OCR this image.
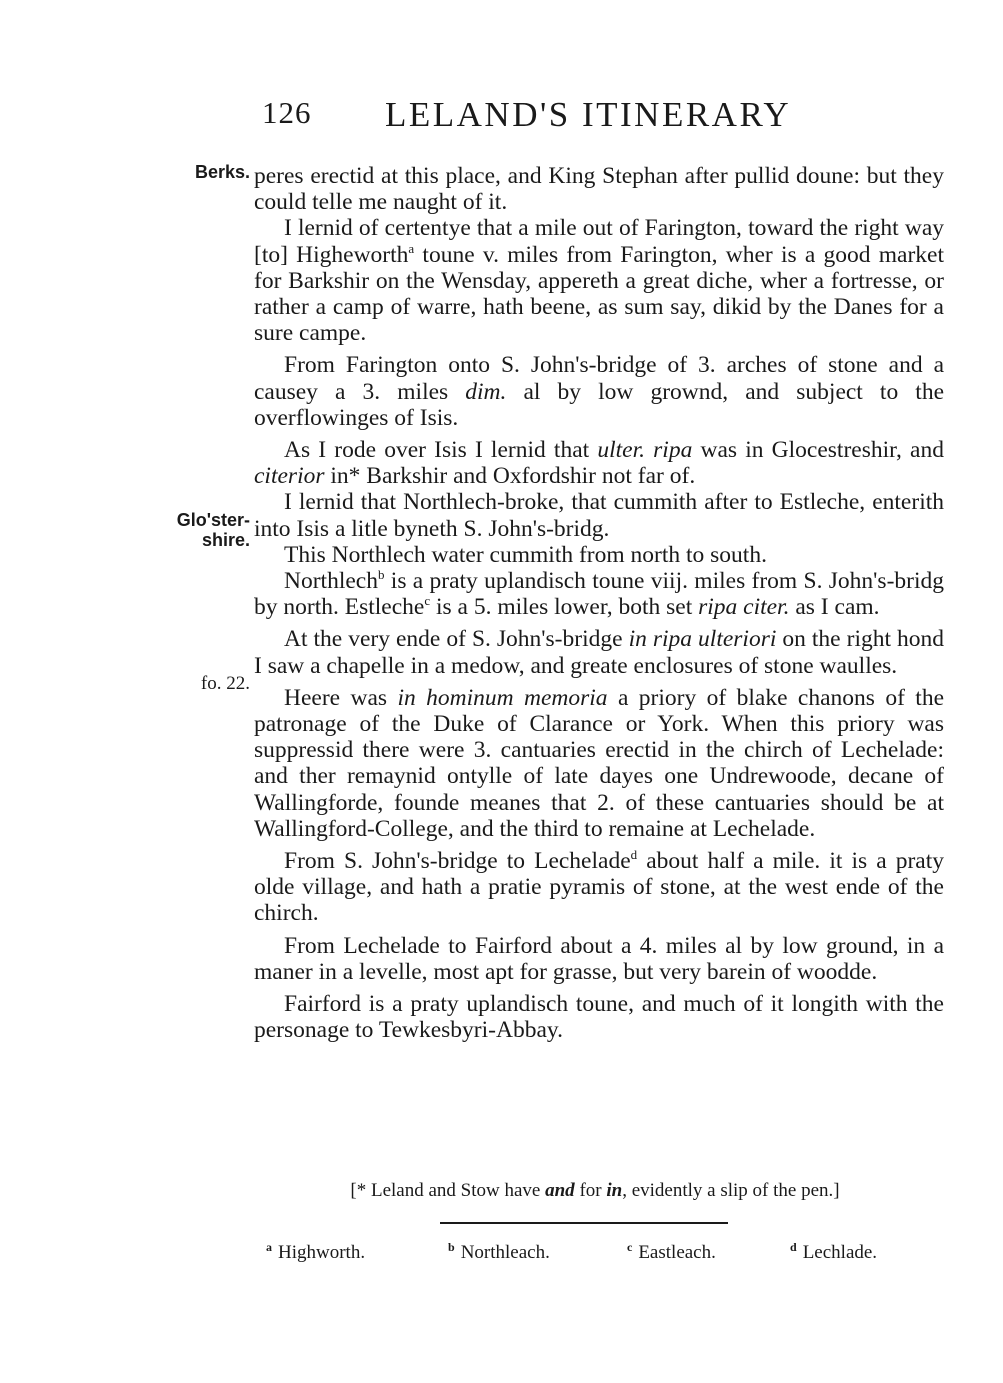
126 LELAND'S ITINERARY
Berks.
Glo'ster-
shire.
fo. 22.

peres erectid at this place, and King Stephan after pullid doune: but they could telle me naught of it.

I lernid of certentye that a mile out of Farington, toward the right way [to] Higheworth$^a$ toune v. miles from Farington, wher is a good market for Barkshir on the Wensday, appereth a great diche, wher a fortresse, or rather a camp of warre, hath beene, as sum say, dikid by the Danes for a sure campe.

From Farington onto S. John's-bridge of 3. arches of stone and a causey a 3. miles dim. al by low grownd, and subject to the overflowinges of Isis.

As I rode over Isis I lernid that ulter. ripa was in Glocestreshir, and citerior in* Barkshir and Oxfordshir not far of.

I lernid that Northlech-broke, that cummith after to Estleche, enterith into Isis a litle byneth S. John's-bridg.

This Northlech water cummith from north to south.

Northlech$^b$ is a praty uplandisch toune viij. miles from S. John's-bridg by north. Estleche$^c$ is a 5. miles lower, both set ripa citer. as I cam.

At the very ende of S. John's-bridge in ripa ulteriori on the right hond I saw a chapelle in a medow, and greate enclosures of stone waulles.

Heere was in hominum memoria a priory of blake chanons of the patronage of the Duke of Clarance or York. When this priory was suppressid there were 3. cantuaries erectid in the chirch of Lechelade: and ther remaynid ontylle of late dayes one Undrewoode, decane of Wallingforde, founde meanes that 2. of these cantuaries should be at Wallingford-College, and the third to remaine at Lechelade.

From S. John's-bridge to Lechelade$^d$ about half a mile. it is a praty olde village, and hath a pratie pyramis of stone, at the west ende of the chirch.

From Lechelade to Fairford about a 4. miles al by low ground, in a maner in a levelle, most apt for grasse, but very barein of woodde.

Fairford is a praty uplandisch toune, and much of it longith with the personage to Tewkesbyri-Abbay.

[* Leland and Stow have and for in, evidently a slip of the pen.]
$^a$ Highworth.	$^b$ Northleach.	$^c$ Eastleach.	$^d$ Lechlade.
